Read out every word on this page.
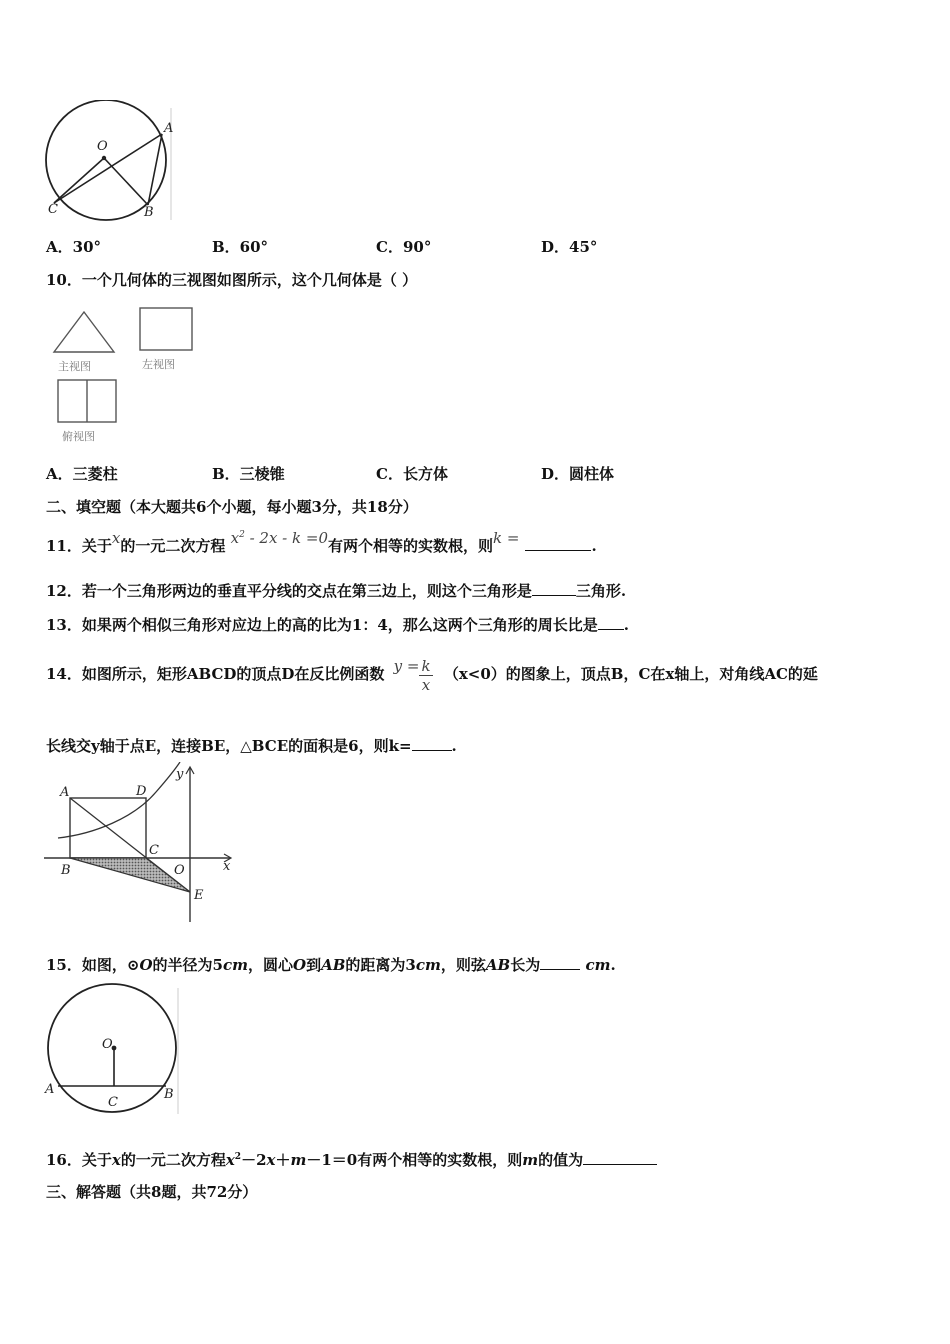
O
A
C	B
A．30°	B．60°	C．90°	D．45°
10．一个几何体的三视图如图所示，这个几何体是（ ）
主视图	左视图
俯视图
A．三菱柱	B．三棱锥	C．长方体	D．圆柱体
二、填空题（本大题共6个小题，每小题3分，共18分）
11．关于x的一元二次方程 $x^2 - 2x - k =0$有两个相等的实数根，则k =	.
12．若一个三角形两边的垂直平分线的交点在第三边上，则这个三角形是	三角形.
13．如果两个相似三角形对应边上的高的比为1：4，那么这两个三角形的周长比是 .
14．如图所示，矩形ABCD的顶点D在反比例函数 $y = \frac{k}{x} (x<0)$的图象上，顶点B，C在x轴上，对角线AC的延
长线交y轴于点E，连接BE，△BCE的面积是6，则k=	.
A	D
y
C
B	O	x
E
15．如图，⊙O的半径为5cm，圆心O到AB的距离为3cm，则弦AB长为	cm.
O
A	B
C
16．关于x的一元二次方程$x^2-2x+m-1=0$有两个相等的实数根，则m的值为
三、解答题（共8题，共72分）
